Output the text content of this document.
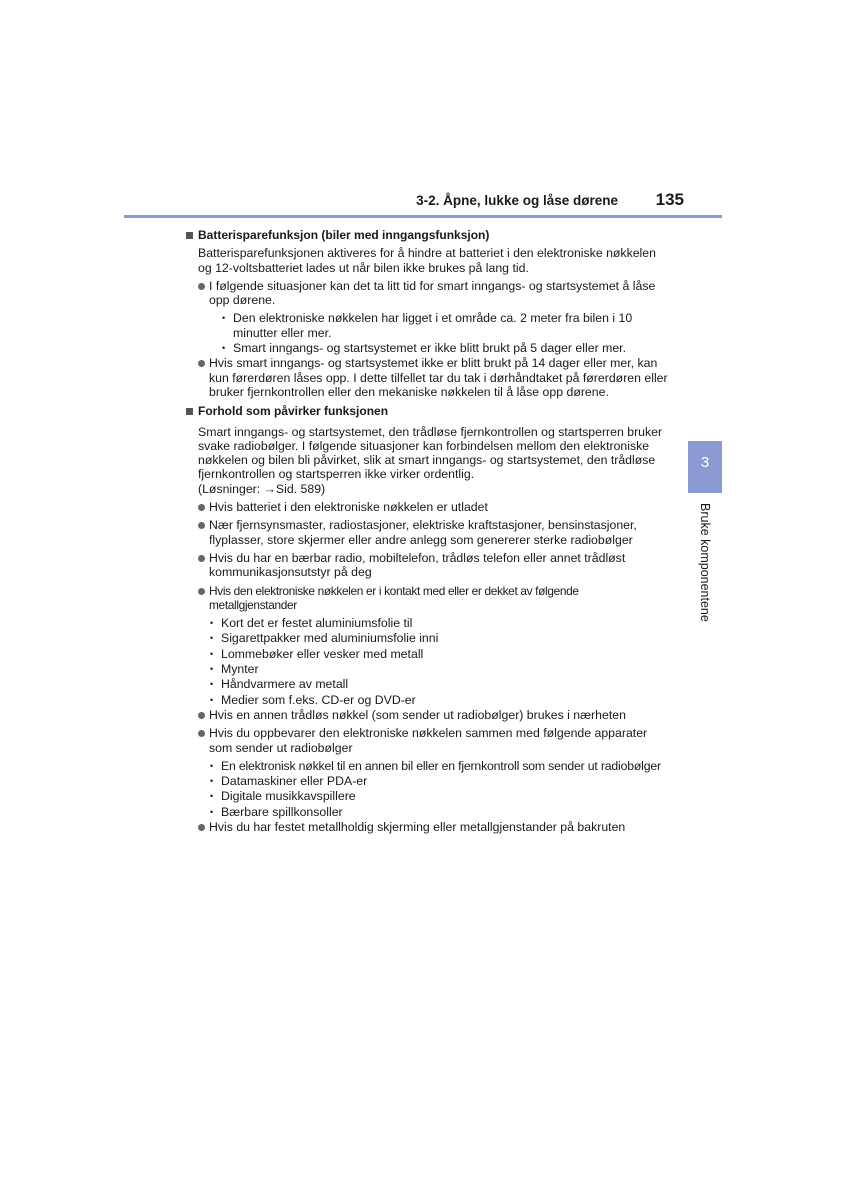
3-2. Åpne, lukke og låse dørene	135
3
Bruke komponentene
Batterisparefunksjon (biler med inngangsfunksjon)
Batterisparefunksjonen aktiveres for å hindre at batteriet i den elektroniske nøkkelen og 12-voltsbatteriet lades ut når bilen ikke brukes på lang tid.
I følgende situasjoner kan det ta litt tid for smart inngangs- og startsystemet å låse opp dørene.
• Den elektroniske nøkkelen har ligget i et område ca. 2 meter fra bilen i 10 minutter eller mer.
• Smart inngangs- og startsystemet er ikke blitt brukt på 5 dager eller mer.
Hvis smart inngangs- og startsystemet ikke er blitt brukt på 14 dager eller mer, kan kun førerdøren låses opp. I dette tilfellet tar du tak i dørhåndtaket på førerdøren eller bruker fjernkontrollen eller den mekaniske nøkkelen til å låse opp dørene.
Forhold som påvirker funksjonen
Smart inngangs- og startsystemet, den trådløse fjernkontrollen og startsperren bruker svake radiobølger. I følgende situasjoner kan forbindelsen mellom den elektroniske nøkkelen og bilen bli påvirket, slik at smart inngangs- og startsystemet, den trådløse fjernkontrollen og startsperren ikke virker ordentlig.
(Løsninger: →Sid. 589)
Hvis batteriet i den elektroniske nøkkelen er utladet
Nær fjernsynsmaster, radiostasjoner, elektriske kraftstasjoner, bensinstasjoner, flyplasser, store skjermer eller andre anlegg som genererer sterke radiobølger
Hvis du har en bærbar radio, mobiltelefon, trådløs telefon eller annet trådløst kommunikasjonsutstyr på deg
Hvis den elektroniske nøkkelen er i kontakt med eller er dekket av følgende metallgjenstander
• Kort det er festet aluminiumsfolie til
• Sigarettpakker med aluminiumsfolie inni
• Lommebøker eller vesker med metall
• Mynter
• Håndvarmere av metall
• Medier som f.eks. CD-er og DVD-er
Hvis en annen trådløs nøkkel (som sender ut radiobølger) brukes i nærheten
Hvis du oppbevarer den elektroniske nøkkelen sammen med følgende apparater som sender ut radiobølger
• En elektronisk nøkkel til en annen bil eller en fjernkontroll som sender ut radiobølger
• Datamaskiner eller PDA-er
• Digitale musikkavspillere
• Bærbare spillkonsoller
Hvis du har festet metallholdig skjerming eller metallgjenstander på bakruten
